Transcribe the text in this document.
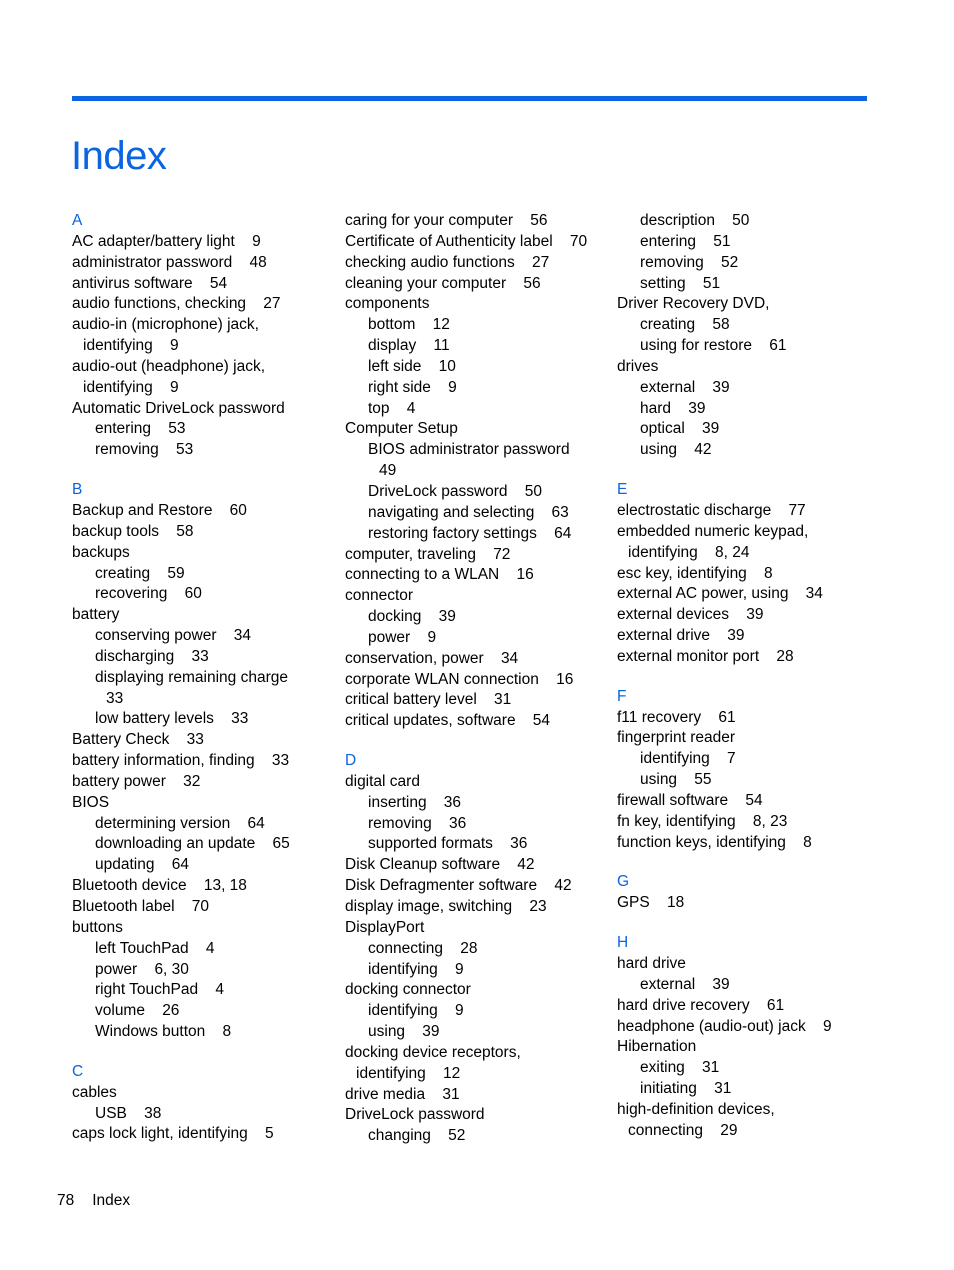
Index
A
AC adapter/battery light    9
administrator password    48
antivirus software    54
audio functions, checking    27
audio-in (microphone) jack,
identifying    9
audio-out (headphone) jack,
identifying    9
Automatic DriveLock password
entering    53
removing    53
B
Backup and Restore    60
backup tools    58
backups
creating    59
recovering    60
battery
conserving power    34
discharging    33
displaying remaining charge
33
low battery levels    33
Battery Check    33
battery information, finding    33
battery power    32
BIOS
determining version    64
downloading an update    65
updating    64
Bluetooth device    13, 18
Bluetooth label    70
buttons
left TouchPad    4
power    6, 30
right TouchPad    4
volume    26
Windows button    8
C
cables
USB    38
caps lock light, identifying    5
caring for your computer    56
Certificate of Authenticity label    70
checking audio functions    27
cleaning your computer    56
components
bottom    12
display    11
left side    10
right side    9
top    4
Computer Setup
BIOS administrator password
49
DriveLock password    50
navigating and selecting    63
restoring factory settings    64
computer, traveling    72
connecting to a WLAN    16
connector
docking    39
power    9
conservation, power    34
corporate WLAN connection    16
critical battery level    31
critical updates, software    54
D
digital card
inserting    36
removing    36
supported formats    36
Disk Cleanup software    42
Disk Defragmenter software    42
display image, switching    23
DisplayPort
connecting    28
identifying    9
docking connector
identifying    9
using    39
docking device receptors,
identifying    12
drive media    31
DriveLock password
changing    52
description    50
entering    51
removing    52
setting    51
Driver Recovery DVD,
creating    58
using for restore    61
drives
external    39
hard    39
optical    39
using    42
E
electrostatic discharge    77
embedded numeric keypad,
identifying    8, 24
esc key, identifying    8
external AC power, using    34
external devices    39
external drive    39
external monitor port    28
F
f11 recovery    61
fingerprint reader
identifying    7
using    55
firewall software    54
fn key, identifying    8, 23
function keys, identifying    8
G
GPS    18
H
hard drive
external    39
hard drive recovery    61
headphone (audio-out) jack    9
Hibernation
exiting    31
initiating    31
high-definition devices,
connecting    29
78 Index
